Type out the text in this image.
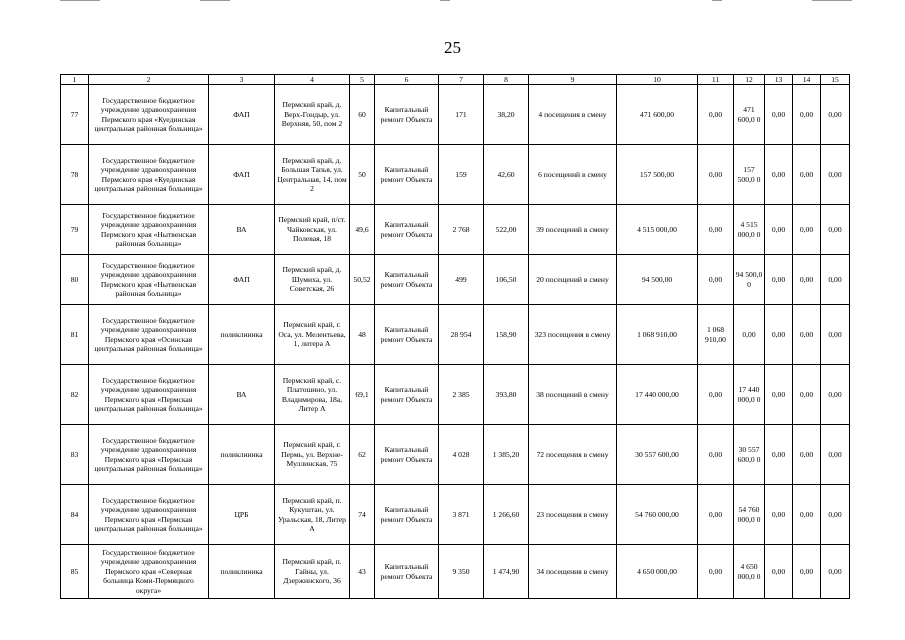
25
1	2	3	4	5	6	7	8	9	10	11	12	13	14	15
77	Государственное бюджетное учреждение здравоохранения Пермского края «Куединская центральная районная больница»	ФАП	Пермский край, д. Верх-Гондыр, ул. Верхняя, 50, пом 2	60	Капитальный ремонт Объекта	171	38,20	4 посещения в смену	471 600,00	0,00	471 600,0 0	0,00	0,00	0,00
78	Государственное бюджетное учреждение здравоохранения Пермского края «Куединская центральная районная больница»	ФАП	Пермский край, д. Большая Тапья, ул. Центральная, 14, пом 2	50	Капитальный ремонт Объекта	159	42,60	6 посещений в смену	157 500,00	0,00	157 500,0 0	0,00	0,00	0,00
79	Государственное бюджетное учреждение здравоохранения Пермского края «Нытвенская районная больница»	ВА	Пермский край, п/ст. Чайковская, ул. Полевая, 18	49,6	Капитальный ремонт Объекта	2 768	522,00	39 посещений в смену	4 515 000,00	0,00	4 515 000,0 0	0,00	0,00	0,00
80	Государственное бюджетное учреждение здравоохранения Пермского края «Нытвенская районная больница»	ФАП	Пермский край, д. Шумиха, ул. Советская, 26	50,52	Капитальный ремонт Объекта	499	106,50	20 посещений в смену	94 500,00	0,00	94 500,0 0	0,00	0,00	0,00
81	Государственное бюджетное учреждение здравоохранения Пермского края «Осинская центральная районная больница»	поликлиника	Пермский край, г. Оса, ул. Мелентьева, 1, литера А	48	Капитальный ремонт Объекта	28 954	158,90	323 посещения в смену	1 068 910,00	1 068 910,00	0,00	0,00	0,00	0,00
82	Государственное бюджетное учреждение здравоохранения Пермского края «Пермская центральная районная больница»	ВА	Пермский край, с. Платошино, ул. Владимирова, 18а, Литер А	69,1	Капитальный ремонт Объекта	2 385	393,80	38 посещений в смену	17 440 000,00	0,00	17 440 000,0 0	0,00	0,00	0,00
83	Государственное бюджетное учреждение здравоохранения Пермского края «Пермская центральная районная больница»	поликлиника	Пермский край, г. Пермь, ул. Верхне-Муллинская, 75	62	Капитальный ремонт Объекта	4 028	1 385,20	72 посещения в смену	30 557 600,00	0,00	30 557 600,0 0	0,00	0,00	0,00
84	Государственное бюджетное учреждение здравоохранения Пермского края «Пермская центральная районная больница»	ЦРБ	Пермский край, п. Кукуштан, ул. Уральская, 18, Литер А	74	Капитальный ремонт Объекта	3 871	1 266,60	23 посещения в смену	54 760 000,00	0,00	54 760 000,0 0	0,00	0,00	0,00
85	Государственное бюджетное учреждение здравоохранения Пермского края «Северная больница Коми-Пермяцкого округа»	поликлиника	Пермский край, п. Гайны, ул. Дзержинского, 36	43	Капитальный ремонт Объекта	9 350	1 474,90	34 посещения в смену	4 650 000,00	0,00	4 650 000,0 0	0,00	0,00	0,00
